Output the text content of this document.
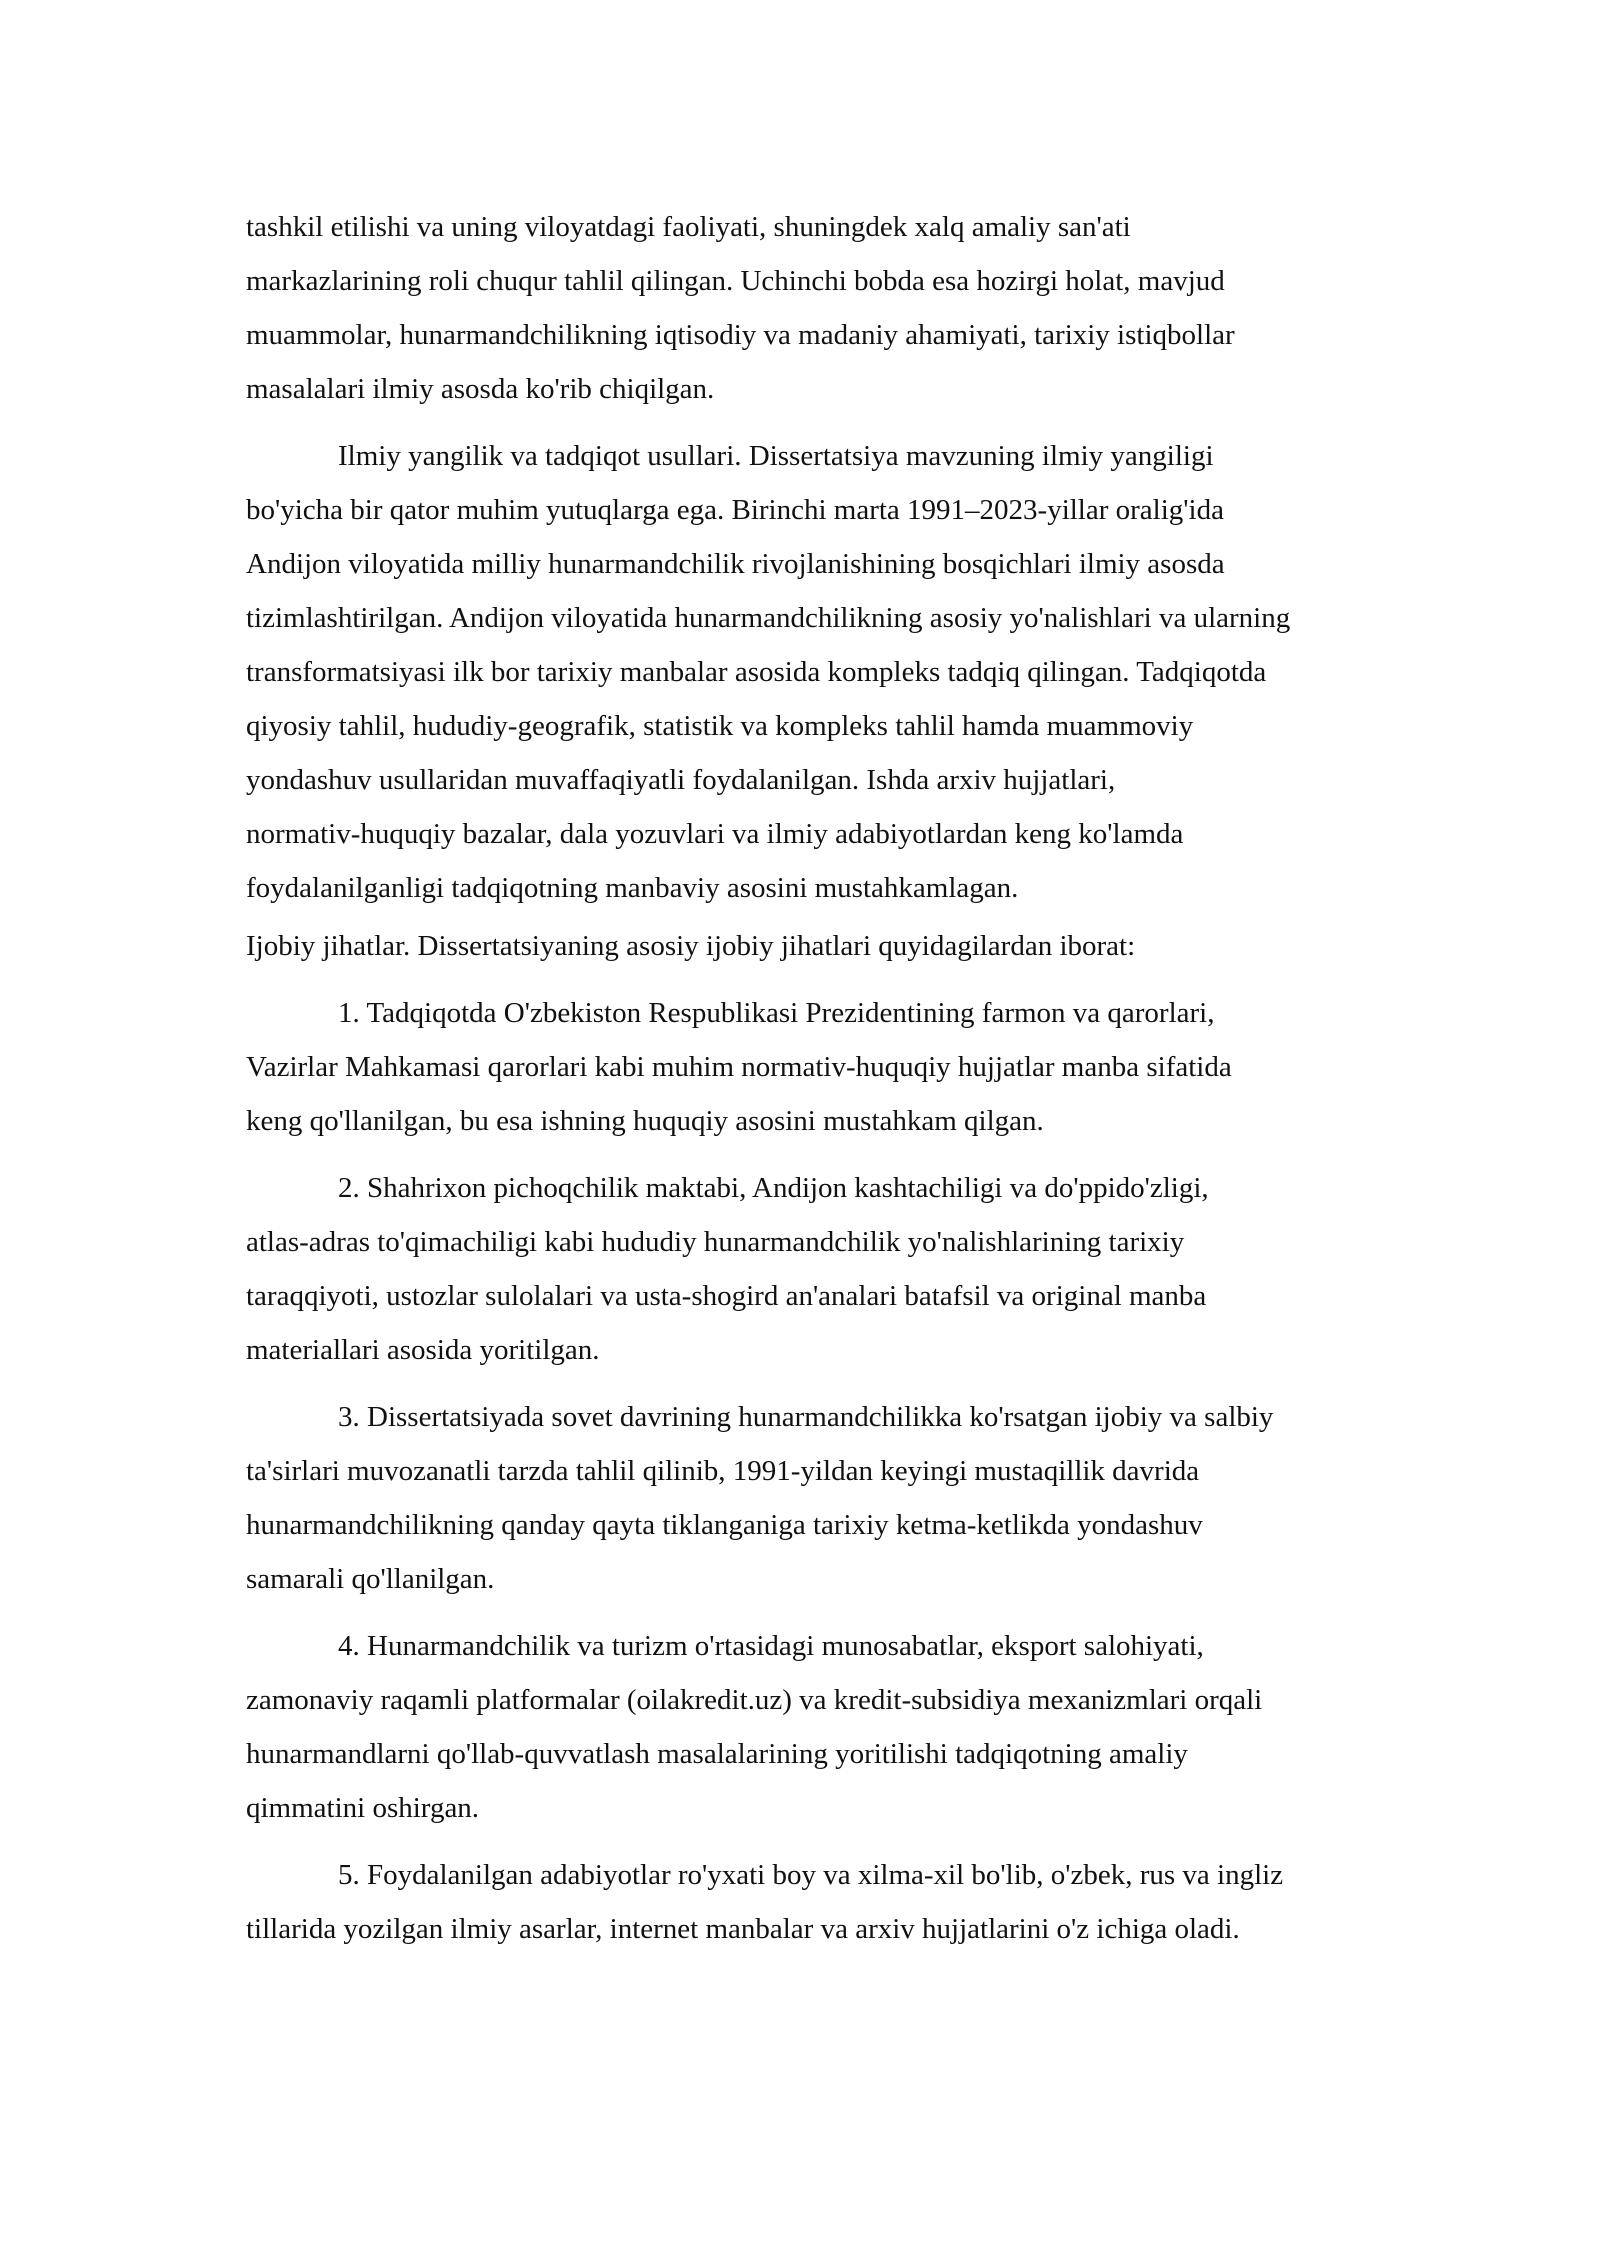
tashkil etilishi va uning viloyatdagi faoliyati, shuningdek xalq amaliy san'ati
markazlarining roli chuqur tahlil qilingan. Uchinchi bobda esa hozirgi holat, mavjud
muammolar, hunarmandchilikning iqtisodiy va madaniy ahamiyati, tarixiy istiqbollar
masalalari ilmiy asosda ko'rib chiqilgan.

Ilmiy yangilik va tadqiqot usullari. Dissertatsiya mavzuning ilmiy yangiligi
bo'yicha bir qator muhim yutuqlarga ega. Birinchi marta 1991–2023-yillar oralig'ida
Andijon viloyatida milliy hunarmandchilik rivojlanishining bosqichlari ilmiy asosda
tizimlashtirilgan. Andijon viloyatida hunarmandchilikning asosiy yo'nalishlari va ularning
transformatsiyasi ilk bor tarixiy manbalar asosida kompleks tadqiq qilingan. Tadqiqotda
qiyosiy tahlil, hududiy-geografik, statistik va kompleks tahlil hamda muammoviy
yondashuv usullaridan muvaffaqiyatli foydalanilgan. Ishda arxiv hujjatlari,
normativ-huquqiy bazalar, dala yozuvlari va ilmiy adabiyotlardan keng ko'lamda
foydalanilganligi tadqiqotning manbaviy asosini mustahkamlagan.

Ijobiy jihatlar. Dissertatsiyaning asosiy ijobiy jihatlari quyidagilardan iborat:

1. Tadqiqotda O'zbekiston Respublikasi Prezidentining farmon va qarorlari,
Vazirlar Mahkamasi qarorlari kabi muhim normativ-huquqiy hujjatlar manba sifatida
keng qo'llanilgan, bu esa ishning huquqiy asosini mustahkam qilgan.

2. Shahrixon pichoqchilik maktabi, Andijon kashtachiligi va do'ppido'zligi,
atlas-adras to'qimachiligi kabi hududiy hunarmandchilik yo'nalishlarining tarixiy
taraqqiyoti, ustozlar sulolalari va usta-shogird an'analari batafsil va original manba
materiallari asosida yoritilgan.

3. Dissertatsiyada sovet davrining hunarmandchilikka ko'rsatgan ijobiy va salbiy
ta'sirlari muvozanatli tarzda tahlil qilinib, 1991-yildan keyingi mustaqillik davrida
hunarmandchilikning qanday qayta tiklanganiga tarixiy ketma-ketlikda yondashuv
samarali qo'llanilgan.

4. Hunarmandchilik va turizm o'rtasidagi munosabatlar, eksport salohiyati,
zamonaviy raqamli platformalar (oilakredit.uz) va kredit-subsidiya mexanizmlari orqali
hunarmandlarni qo'llab-quvvatlash masalalarining yoritilishi tadqiqotning amaliy
qimmatini oshirgan.

5. Foydalanilgan adabiyotlar ro'yxati boy va xilma-xil bo'lib, o'zbek, rus va ingliz
tillarida yozilgan ilmiy asarlar, internet manbalar va arxiv hujjatlarini o'z ichiga oladi.
